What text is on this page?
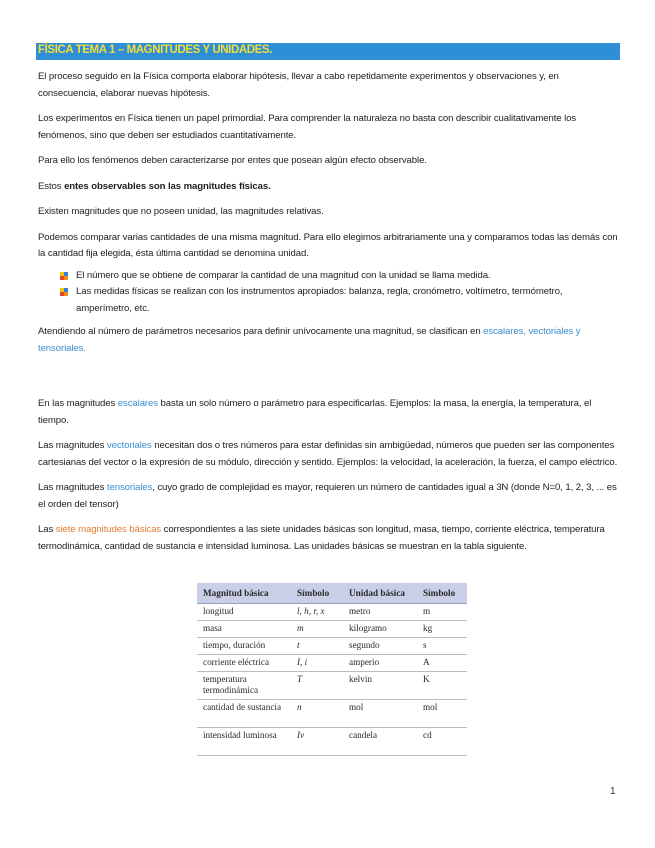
FÍSICA TEMA 1 – MAGNITUDES Y UNIDADES.

El proceso seguido en la Física comporta elaborar hipótesis, llevar a cabo repetidamente experimentos y observaciones y, en consecuencia, elaborar nuevas hipótesis.

Los experimentos en Física tienen un papel primordial. Para comprender la naturaleza no basta con describir cualitativamente los fenómenos, sino que deben ser estudiados cuantitativamente.

Para ello los fenómenos deben caracterizarse por entes que posean algún efecto observable.

Estos entes observables son las magnitudes físicas.

Existen magnitudes que no poseen unidad, las magnitudes relativas.

Podemos comparar varias cantidades de una misma magnitud. Para ello elegimos arbitrariamente una y comparamos todas las demás con la cantidad fija elegida, ésta última cantidad se denomina unidad.

El número que se obtiene de comparar la cantidad de una magnitud con la unidad se llama medida.
Las medidas físicas se realizan con los instrumentos apropiados: balanza, regla, cronómetro, voltímetro, termómetro, amperímetro, etc.

Atendiendo al número de parámetros necesarios para definir unívocamente una magnitud, se clasifican en escalares, vectoriales y tensoriales.

En las magnitudes escalares basta un solo número o parámetro para especificarlas. Ejemplos: la masa, la energía, la temperatura, el tiempo.

Las magnitudes vectoriales necesitan dos o tres números para estar definidas sin ambigüedad, números que pueden ser las componentes cartesianas del vector o la expresión de su módulo, dirección y sentido. Ejemplos: la velocidad, la aceleración, la fuerza, el campo eléctrico.

Las magnitudes tensoriales, cuyo grado de complejidad es mayor, requieren un número de cantidades igual a 3N (donde N=0, 1, 2, 3, ... es el orden del tensor)

Las siete magnitudes básicas correspondientes a las siete unidades básicas son longitud, masa, tiempo, corriente eléctrica, temperatura termodinámica, cantidad de sustancia e intensidad luminosa. Las unidades básicas se muestran en la tabla siguiente.

Magnitud básica	Símbolo	Unidad básica	Símbolo
longitud	l, h, r, x	metro	m
masa	m	kilogramo	kg
tiempo, duración	t	segundo	s
corriente eléctrica	I, i	amperio	A
temperatura termodinámica	T	kelvin	K
cantidad de sustancia	n	mol	mol
intensidad luminosa	Iv	candela	cd
1
